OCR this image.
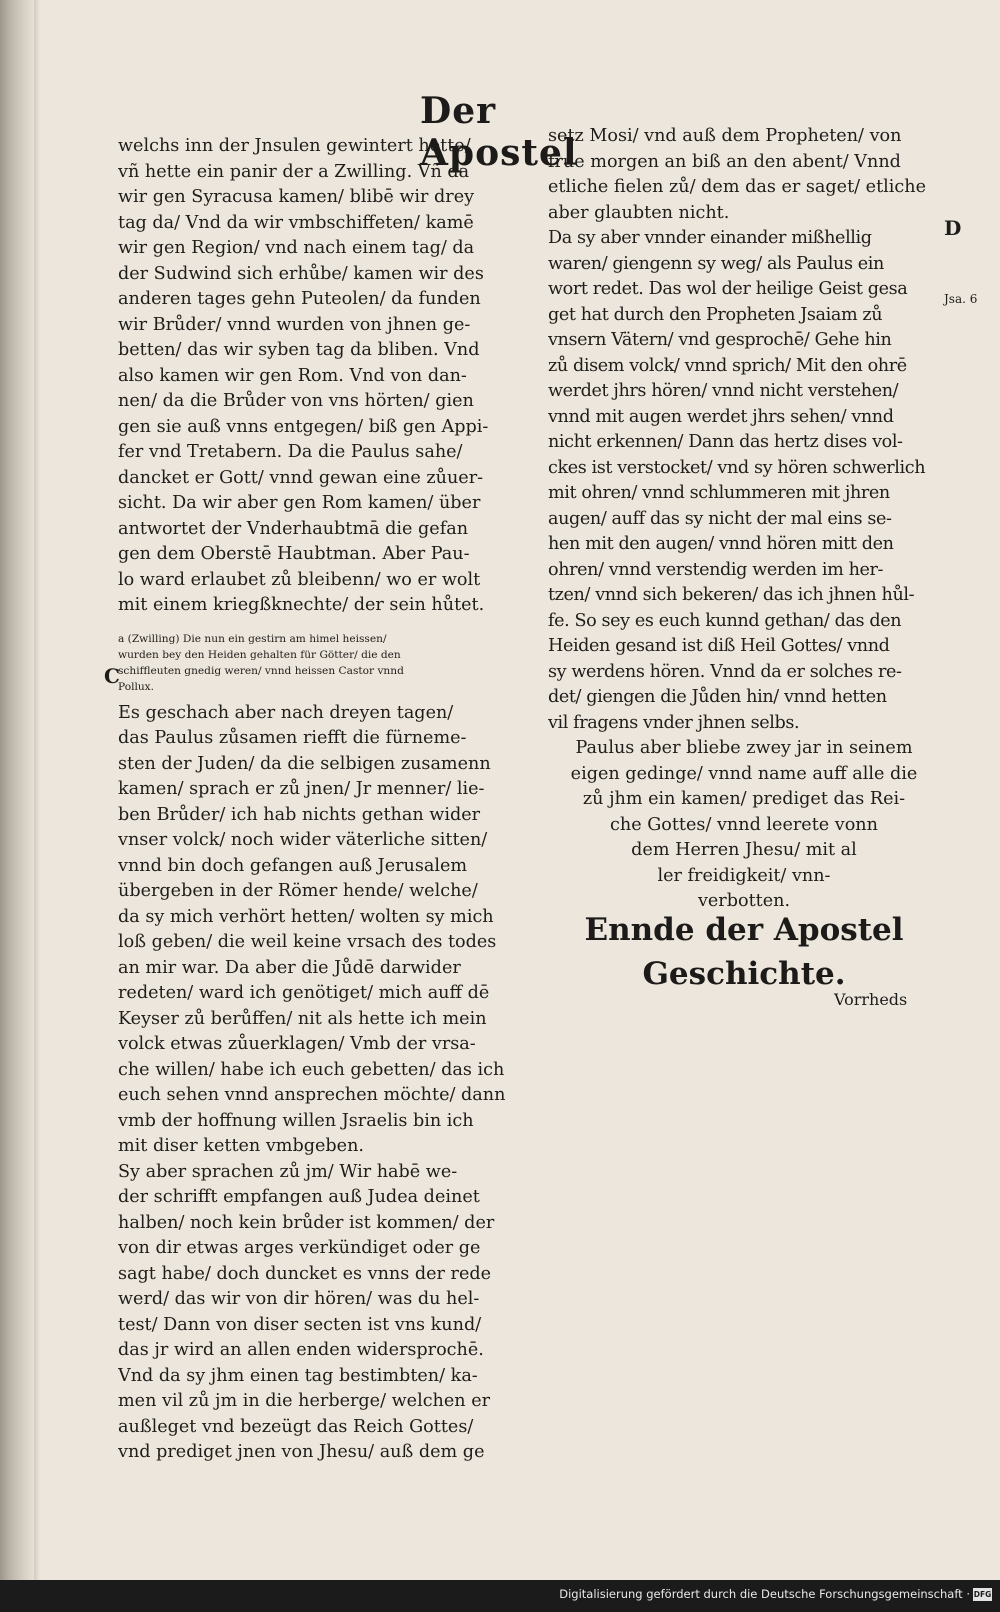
Der Apostel
welchs inn der Jnsulen gewintert hette/
vñ hette ein panir der a Zwilling. Vñ da
wir gen Syracusa kamen/ blibē wir drey
tag da/ Vnd da wir vmbschiffeten/ kamē
wir gen Region/ vnd nach einem tag/ da
der Sudwind sich erhůbe/ kamen wir des
anderen tages gehn Puteolen/ da funden
wir Brůder/ vnnd wurden von jhnen ge-
betten/ das wir syben tag da bliben. Vnd
also kamen wir gen Rom. Vnd von dan-
nen/ da die Brůder von vns hörten/ gien
gen sie auß vnns entgegen/ biß gen Appi-
fer vnd Tretabern. Da die Paulus sahe/
dancket er Gott/ vnnd gewan eine zůuer-
sicht. Da wir aber gen Rom kamen/ über
antwortet der Vnderhaubtmā die gefan
gen dem Oberstē Haubtman. Aber Pau-
lo ward erlaubet zů bleibenn/ wo er wolt
mit einem kriegßknechte/ der sein hůtet.
a (Zwilling) Die nun ein gestirn am himel heissen/
wurden bey den Heiden gehalten für Götter/ die den
schiffleuten gnedig weren/ vnnd heissen Castor vnnd
Pollux.
Es geschach aber nach dreyen tagen/
das Paulus zůsamen riefft die fürneme-
sten der Juden/ da die selbigen zusamenn
kamen/ sprach er zů jnen/ Jr menner/ lie-
ben Brůder/ ich hab nichts gethan wider
vnser volck/ noch wider väterliche sitten/
vnnd bin doch gefangen auß Jerusalem
übergeben in der Römer hende/ welche/
da sy mich verhört hetten/ wolten sy mich
loß geben/ die weil keine vrsach des todes
an mir war. Da aber die Jůdē darwider
redeten/ ward ich genötiget/ mich auff dē
Keyser zů berůffen/ nit als hette ich mein
volck etwas zůuerklagen/ Vmb der vrsa-
che willen/ habe ich euch gebetten/ das ich
euch sehen vnnd ansprechen möchte/ dann
vmb der hoffnung willen Jsraelis bin ich
mit diser ketten vmbgeben.
Sy aber sprachen zů jm/ Wir habē we-
der schrifft empfangen auß Judea deinet
halben/ noch kein brůder ist kommen/ der
von dir etwas arges verkündiget oder ge
sagt habe/ doch duncket es vnns der rede
werd/ das wir von dir hören/ was du hel-
test/ Dann von diser secten ist vns kund/
das jr wird an allen enden widersprochē.
Vnd da sy jhm einen tag bestimbten/ ka-
men vil zů jm in die herberge/ welchen er
außleget vnd bezeügt das Reich Gottes/
vnd prediget jnen von Jhesu/ auß dem ge
C
setz Mosi/ vnd auß dem Propheten/ von
frue morgen an biß an den abent/ Vnnd
etliche fielen zů/ dem das er saget/ etliche
aber glaubten nicht.
Da sy aber vnnder einander mißhellig
waren/ giengenn sy weg/ als Paulus ein
wort redet. Das wol der heilige Geist gesa
get hat durch den Propheten Jsaiam zů
vnsern Vätern/ vnd gesprochē/ Gehe hin
zů disem volck/ vnnd sprich/ Mit den ohrē
werdet jhrs hören/ vnnd nicht verstehen/
vnnd mit augen werdet jhrs sehen/ vnnd
nicht erkennen/ Dann das hertz dises vol-
ckes ist verstocket/ vnd sy hören schwerlich
mit ohren/ vnnd schlummeren mit jhren
augen/ auff das sy nicht der mal eins se-
hen mit den augen/ vnnd hören mitt den
ohren/ vnnd verstendig werden im her-
tzen/ vnnd sich bekeren/ das ich jhnen hůl-
fe. So sey es euch kunnd gethan/ das den
Heiden gesand ist diß Heil Gottes/ vnnd
sy werdens hören. Vnnd da er solches re-
det/ giengen die Jůden hin/ vnnd hetten
vil fragens vnder jhnen selbs.
Paulus aber bliebe zwey jar in seinem
eigen gedinge/ vnnd name auff alle die
zů jhm ein kamen/ prediget das Rei-
che Gottes/ vnnd leerete vonn
dem Herren Jhesu/ mit al
ler freidigkeit/ vnn-
verbotten.
D
Jsa. 6
Ennde der Apostel
Geschichte.
Vorrheds
Digitalisierung gefördert durch die Deutsche Forschungsgemeinschaft · DFG
